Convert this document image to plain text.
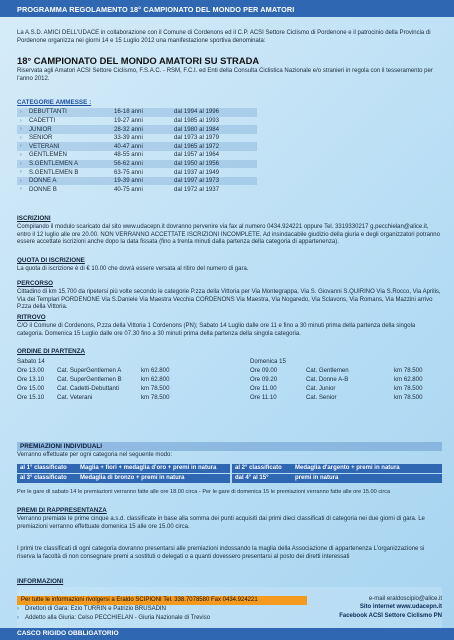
PROGRAMMA REGOLAMENTO 18° CAMPIONATO DEL MONDO PER AMATORI
La A.S.D. AMICI DELL'UDACE in collaborazione con il Comune di Cordenons ed il C.P. ACSI Settore Ciclismo di Pordenone e il patrocinio della Provincia di Pordenone organizza nei giorni 14 e 15 Luglio 2012 una manifestazione sportiva denominata:
18° CAMPIONATO DEL MONDO AMATORI SU STRADA
Riservata agli Amatori ACSI Settore Ciclismo, F.S.A.C. - RSM, F.C.I. ed Enti della Consulta Ciclistica Nazionale e/o stranieri in regola con il tesseramento per l'anno 2012.
CATEGORIE AMMESSE :
›	DEBUTTANTI	16-18 anni	dal 1994 al 1996
›	CADETTI	19-27 anni	dal 1985 al 1993
›	JUNIOR	28-32 anni	dal 1980 al 1984
›	SENIOR	33-39 anni	dal 1973 al 1979
›	VETERANI	40-47 anni	dal 1965 al 1972
›	GENTLEMEN	48-55 anni	dal 1957 al 1964
›	S.GENTLEMEN A	56-62 anni	dal 1950 al 1956
›	S.GENTLEMEN B	63-75 anni	dal 1937 al 1949
›	DONNE A	19-39 anni	dal 1997 al 1973
›	DONNE B	40-75 anni	dal 1972 al 1937
ISCRIZIONI
Compilando il modulo scaricato dal sito www.udacepn.it dovranno pervenire via fax al numero 0434.924221 oppure Tel. 3319330217 g.pecchielan@alice.it, entro il 12 luglio alle ore 20.00. NON VERRANNO ACCETTATE ISCRIZIONI INCOMPLETE. Ad insindacabile giudizio della giuria e degli organizzatori potranno essere accettate iscrizioni anche dopo la data fissata (fino a trenta minuti dalla partenza della categoria di appartenenza).
QUOTA DI ISCRIZIONE
La quota di iscrizione è di € 10.00 che dovrà essere versata al ritiro del numero di gara.
PERCORSO
Cittadino di km 15.700 da ripetersi più volte secondo le categorie P.zza della Vittoria per Via Montegrappa, Via S. Giovanni S.QUIRINO Via S.Rocco, Via Aprilis, Via dei Templari PORDENONE Via S.Daniele Via Maestra Vecchia CORDENONS Via Maestra, Via Nogaredo, Via Sclavons, Via Romans, Via Mazzini arrivo P.zza della Vittoria.
RITROVO
C/O il Comune di Cordenons, P.zza della Vittoria 1 Cordenons (PN); Sabato 14 Luglio dalle ore 11 e fino a 30 minuti prima della partenza della singola categoria. Domenica 15 Luglio dalle ore 07.30 fino a 30 minuti prima della partenza della singola categoria.
ORDINE DI PARTENZA
Sabato 14
Ore 13.00	Cat. SuperGentlemen A	km 62.800
Ore 13.10	Cat. SuperGentlemen B	km 62.800
Ore 15.00	Cat. Cadetti-Debuttanti	km 78.500
Ore 15.10	Cat. Veterani	km 78.500
Domenica 15
Ore 09.00	Cat. Gentlemen	km 78.500
Ore 09.20	Cat. Donne A-B	km 62.800
Ore 11.00	Cat. Junior	km 78.500
Ore 11.10	Cat. Senior	km 78.500
PREMIAZIONI INDIVIDUALI
Verranno effettuate per ogni categoria nel seguente modo:
al 1° classificato	Maglia + fiori + medaglia d'oro + premi in natura	al 2° classificato	Medaglia d'argento + premi in natura
al 3° classificato	Medaglia di bronzo + premi in natura	dal 4° al 15°	premi in natura
Per le gare di sabato 14 le premiazioni verranno fatte alle ore 18.00 circa - Per le gare di domenica 15 le premiazioni verranno fatte alle ore 15.00 circa
PREMI DI RAPPRESENTANZA
Verranno premiate le prime cinque a.s.d. classificate in base alla somma dei punti acquisiti dai primi dieci classificati di categoria nei due giorni di gara. Le premiazioni verranno effettuate domenica 15 alle ore 15.00 circa.
I primi tre classificati di ogni categoria dovranno presentarsi alle premiazioni indossando la maglia della Associazione di appartenenza L'organizzazione si riserva la facoltà di non consegnare premi a sostituti o delegati o a quanti dovessero presentarsi al posto dei diretti interessati
INFORMAZIONI
Per tutte le informazioni rivolgersi a Eraldo SCIPIONI Tel. 338.7078580 Fax 0434.924221
› Direttori di Gara: Ezio TURRIN e Patrizio BRUSADIN
› Addetto alla Giuria: Celso PECCHIELAN - Giuria Nazionale di Treviso
e-mail eraldoscipio@alice.it
Sito internet www.udacepn.it
Facebook ACSI Settore Ciclismo PN
CASCO RIGIDO OBBLIGATORIO
